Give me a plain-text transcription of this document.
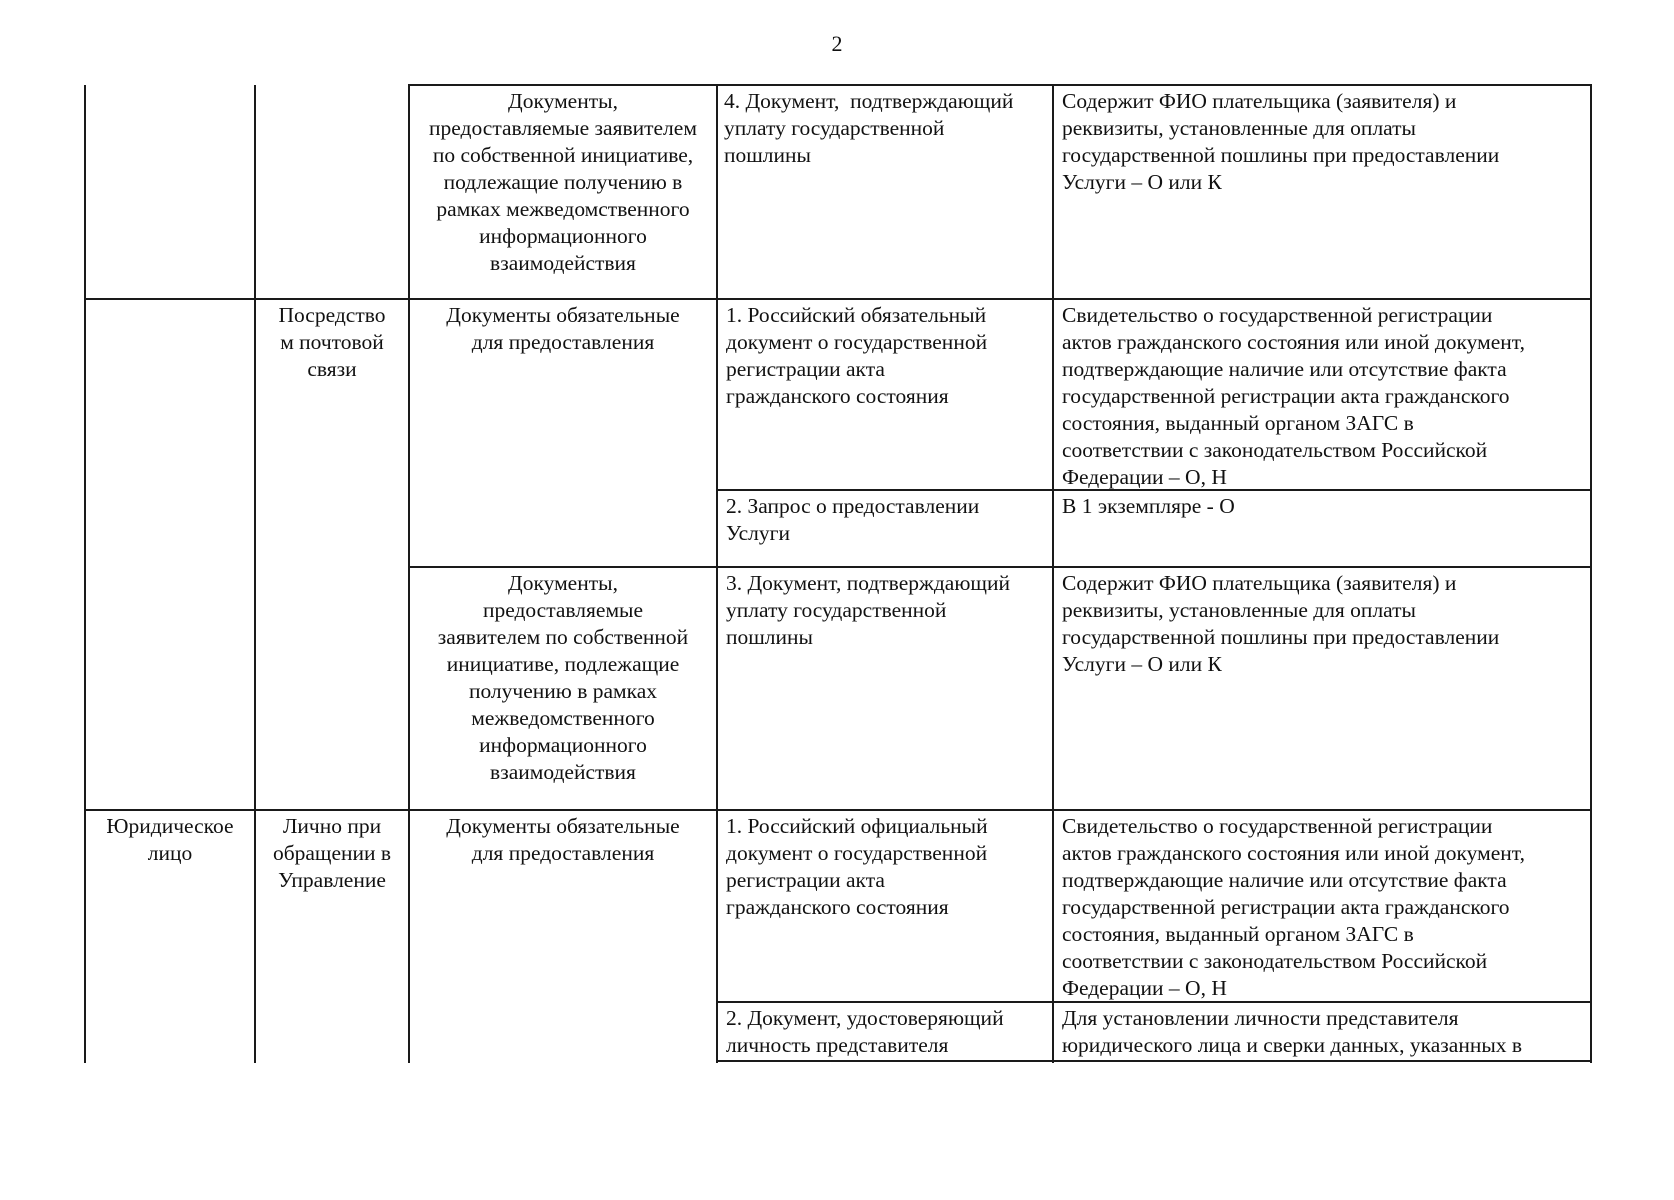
2
Документы,
предоставляемые заявителем
по собственной инициативе,
подлежащие получению в
рамках межведомственного
информационного
взаимодействия
4. Документ,  подтверждающий
уплату государственной
пошлины
Содержит ФИО плательщика (заявителя) и
реквизиты, установленные для оплаты
государственной пошлины при предоставлении
Услуги – О или К
Посредство
м почтовой
связи
Документы обязательные
для предоставления
1. Российский обязательный
документ о государственной
регистрации акта
гражданского состояния
Свидетельство о государственной регистрации
актов гражданского состояния или иной документ,
подтверждающие наличие или отсутствие факта
государственной регистрации акта гражданского
состояния, выданный органом ЗАГС в
соответствии с законодательством Российской
Федерации – О, Н
2. Запрос о предоставлении
Услуги
В 1 экземпляре - О
Документы,
предоставляемые
заявителем по собственной
инициативе, подлежащие
получению в рамках
межведомственного
информационного
взаимодействия
3. Документ, подтверждающий
уплату государственной
пошлины
Содержит ФИО плательщика (заявителя) и
реквизиты, установленные для оплаты
государственной пошлины при предоставлении
Услуги – О или К
Юридическое
лицо
Лично при
обращении в
Управление
Документы обязательные
для предоставления
1. Российский официальный
документ о государственной
регистрации акта
гражданского состояния
Свидетельство о государственной регистрации
актов гражданского состояния или иной документ,
подтверждающие наличие или отсутствие факта
государственной регистрации акта гражданского
состояния, выданный органом ЗАГС в
соответствии с законодательством Российской
Федерации – О, Н
2. Документ, удостоверяющий
личность представителя
Для установлении личности представителя
юридического лица и сверки данных, указанных в
